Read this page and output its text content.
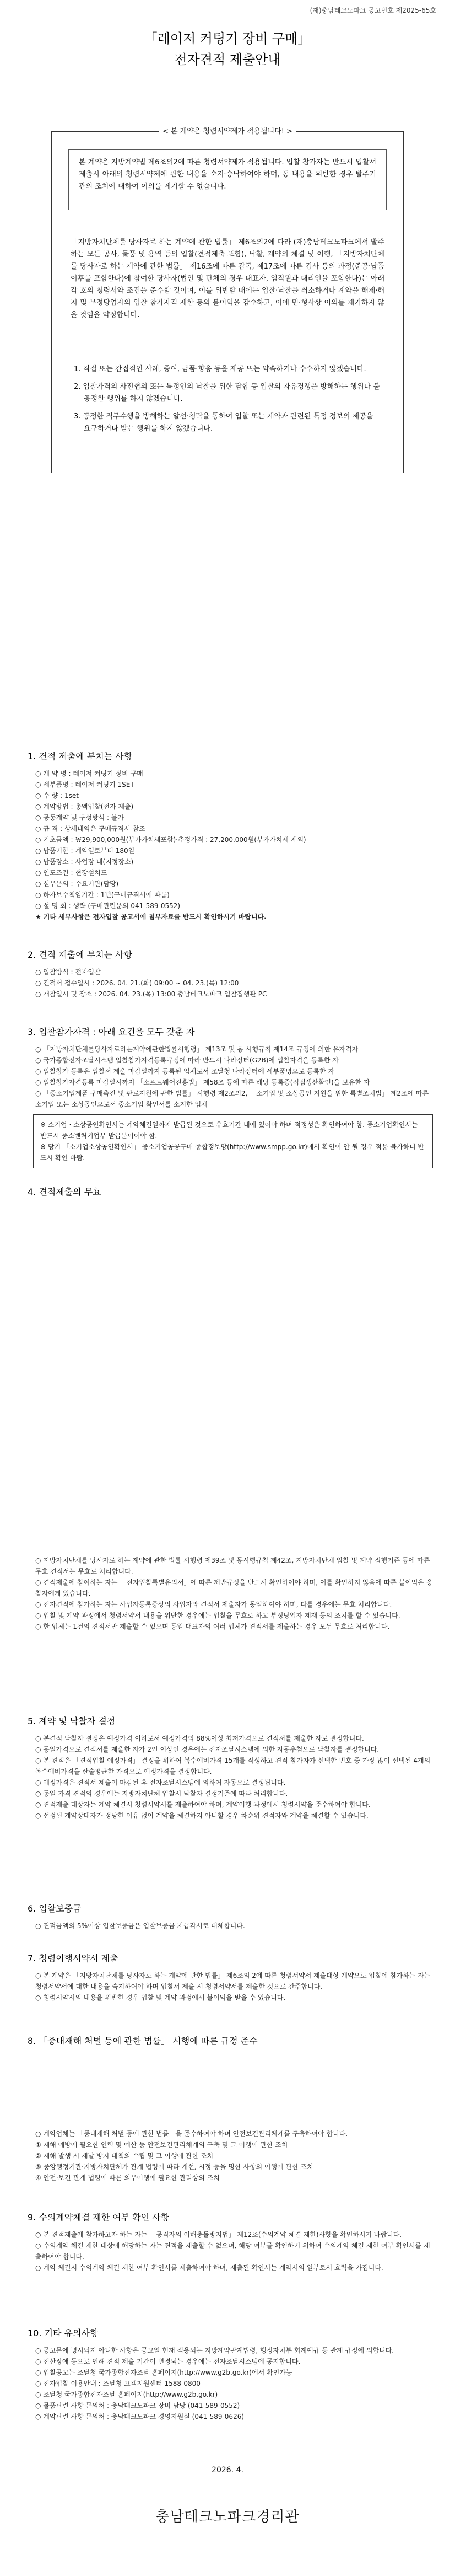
(재)충남테크노파크 공고번호 제2025-65호
「레이저 커팅기 장비 구매」
전자견적 제출안내
< 본 계약은 청렴서약제가 적용됩니다! >
본 계약은 지방계약법 제6조의2에 따른 청렴서약제가 적용됩니다. 입찰 참가자는 반드시 입찰서 제출시 아래의 청렴서약제에 관한 내용을 숙지·승낙하여야 하며, 동 내용을 위반한 경우 발주기관의 조치에 대하여 이의를 제기할 수 없습니다.
「지방자치단체를 당사자로 하는 계약에 관한 법률」 제6조의2에 따라 (재)충남테크노파크에서 발주하는 모든 공사, 물품 및 용역 등의 입찰(견적제출 포함), 낙찰, 계약의 체결 및 이행, 「지방자치단체를 당사자로 하는 계약에 관한 법률」 제16조에 따른 감독, 제17조에 따른 검사 등의 과정(준공·납품 이후를 포함한다)에 참여한 당사자(법인 및 단체의 경우 대표자, 임직원과 대리인을 포함한다)는 아래 각 호의 청렴서약 조건을 준수할 것이며, 이를 위반할 때에는 입찰·낙찰을 취소하거나 계약을 해제·해지 및 부정당업자의 입찰 참가자격 제한 등의 불이익을 감수하고, 이에 민·형사상 이의를 제기하지 않을 것임을 약정합니다.
1. 직접 또는 간접적인 사례, 증여, 금품·향응 등을 제공 또는 약속하거나 수수하지 않겠습니다.
2. 입찰가격의 사전협의 또는 특정인의 낙찰을 위한 담합 등 입찰의 자유경쟁을 방해하는 행위나 불공정한 행위를 하지 않겠습니다.
3. 공정한 직무수행을 방해하는 알선·청탁을 통하여 입찰 또는 계약과 관련된 특정 정보의 제공을 요구하거나 받는 행위를 하지 않겠습니다.
1. 견적 제출에 부치는 사항
○ 계 약 명 : 레이저 커팅기 장비 구매
○ 세부품명 : 레이저 커팅기 1SET
○ 수 량 : 1set
○ 계약방법 : 총액입찰(전자 제출)
○ 공동계약 및 구성방식 : 불가
○ 규 격 : 상세내역은 구매규격서 참조
○ 기초금액 : ￦29,900,000원(부가가치세포함)·추정가격 : 27,200,000원(부가가치세 제외)
○ 납품기한 : 계약일로부터 180일
○ 납품장소 : 사업장 내(지정장소)
○ 인도조건 : 현장설치도
○ 실무문의 : 수요기관(담당)
○ 하자보수책임기간 : 1년(구매규격서에 따름)
○ 설 명 회 : 생략 (구매관련문의 041-589-0552)
★ 기타 세부사항은 전자입찰 공고서에 첨부자료를 반드시 확인하시기 바랍니다.
2. 견적 제출에 부치는 사항
○ 입찰방식 : 전자입찰
○ 견적서 접수일시 : 2026. 04. 21.(화) 09:00 ~ 04. 23.(목) 12:00
○ 개찰일시 및 장소 : 2026. 04. 23.(목) 13:00 충남테크노파크 입찰집행관 PC
3. 입찰참가자격 : 아래 요건을 모두 갖춘 자
○ 「지방자치단체를당사자로하는계약에관한법률시행령」 제13조 및 동 시행규칙 제14조 규정에 의한 유자격자
○ 국가종합전자조달시스템 입찰참가자격등록규정에 따라 반드시 나라장터(G2B)에 입찰자격을 등록한 자
○ 입찰참가 등록은 입찰서 제출 마감일까지 등록된 업체로서 조달청 나라장터에 세부품명으로 등록한 자
○ 입찰참가자격등록 마감일시까지 「소프트웨어진흥법」 제58조 등에 따른 해당 등록증(직접생산확인)을 보유한 자
○ 「중소기업제품 구매촉진 및 판로지원에 관한 법률」 시행령 제2조의2, 「소기업 및 소상공인 지원을 위한 특별조치법」 제2조에 따른 소기업 또는 소상공인으로서 중소기업 확인서를 소지한 업체
※ 소기업 · 소상공인확인서는 계약체결일까지 발급된 것으로 유효기간 내에 있어야 하며 적정성은 확인하여야 함. 중소기업확인서는 반드시 중소벤처기업부 발급분이어야 함.
※ 당기 「소기업소상공인확인서」 중소기업공공구매 종합정보망(http://www.smpp.go.kr)에서 확인이 안 될 경우 적용 불가하니 반드시 확인 바람.
4. 견적제출의 무효
○ 지방자치단체를 당사자로 하는 계약에 관한 법률 시행령 제39조 및 동시행규칙 제42조, 지방자치단체 입찰 및 계약 집행기준 등에 따른 무효 견적서는 무효로 처리합니다.
○ 견적제출에 참여하는 자는 「전자입찰특별유의서」에 따른 제반규정을 반드시 확인하여야 하며, 이를 확인하지 않음에 따른 불이익은 응찰자에게 있습니다.
○ 전자견적에 참가하는 자는 사업자등록증상의 사업자와 견적서 제출자가 동일하여야 하며, 다를 경우에는 무효 처리합니다.
○ 입찰 및 계약 과정에서 청렴서약서 내용을 위반한 경우에는 입찰을 무효로 하고 부정당업자 제재 등의 조치를 할 수 있습니다.
○ 한 업체는 1건의 견적서만 제출할 수 있으며 동일 대표자의 여러 업체가 견적서를 제출하는 경우 모두 무효로 처리합니다.
5. 계약 및 낙찰자 결정
○ 본견적 낙찰자 결정은 예정가격 이하로서 예정가격의 88%이상 최저가격으로 견적서를 제출한 자로 결정합니다.
○ 동일가격으로 견적서를 제출한 자가 2인 이상인 경우에는 전자조달시스템에 의한 자동추첨으로 낙찰자를 결정합니다.
○ 본 견적은 「견적입찰 예정가격」 결정을 위하여 복수예비가격 15개를 작성하고 견적 참가자가 선택한 번호 중 가장 많이 선택된 4개의 복수예비가격을 산술평균한 가격으로 예정가격을 결정합니다.
○ 예정가격은 견적서 제출이 마감된 후 전자조달시스템에 의하여 자동으로 결정됩니다.
○ 동일 가격 견적의 경우에는 지방자치단체 입찰시 낙찰자 결정기준에 따라 처리합니다.
○ 견적제출 대상자는 계약 체결시 청렴서약서를 제출하여야 하며, 계약이행 과정에서 청렴서약을 준수하여야 합니다.
○ 선정된 계약상대자가 정당한 이유 없이 계약을 체결하지 아니할 경우 차순위 견적자와 계약을 체결할 수 있습니다.
6. 입찰보증금
○ 견적금액의 5%이상 입찰보증금은 입찰보증금 지급각서로 대체합니다.
7. 청렴이행서약서 제출
○ 본 계약은 「지방자치단체를 당사자로 하는 계약에 관한 법률」 제6조의 2에 따른 청렴서약서 제출대상 계약으로 입찰에 참가하는 자는 청렴서약서에 대한 내용을 숙지하여야 하며 입찰서 제출 시 청렴서약서를 제출한 것으로 간주합니다.
○ 청렴서약서의 내용을 위반한 경우 입찰 및 계약 과정에서 불이익을 받을 수 있습니다.
8. 「중대재해 처벌 등에 관한 법률」 시행에 따른 규정 준수
○ 계약업체는 「중대재해 처벌 등에 관한 법률」을 준수하여야 하며 안전보건관리체계를 구축하여야 합니다.
① 재해 예방에 필요한 인력 및 예산 등 안전보건관리체계의 구축 및 그 이행에 관한 조치
② 재해 발생 시 재발 방지 대책의 수립 및 그 이행에 관한 조치
③ 중앙행정기관·지방자치단체가 관계 법령에 따라 개선, 시정 등을 명한 사항의 이행에 관한 조치
④ 안전·보건 관계 법령에 따른 의무이행에 필요한 관리상의 조치
9. 수의계약체결 제한 여부 확인 사항
○ 본 견적제출에 참가하고자 하는 자는 「공직자의 이해충돌방지법」 제12조(수의계약 체결 제한)사항을 확인하시기 바랍니다.
○ 수의계약 체결 제한 대상에 해당하는 자는 견적을 제출할 수 없으며, 해당 여부를 확인하기 위하여 수의계약 체결 제한 여부 확인서를 제출하여야 합니다.
○ 계약 체결시 수의계약 체결 제한 여부 확인서를 제출하여야 하며, 제출된 확인서는 계약서의 일부로서 효력을 가집니다.
10. 기타 유의사항
○ 공고문에 명시되지 아니한 사항은 공고일 현재 적용되는 지방계약관계법령, 행정자치부 회계예규 등 관계 규정에 의합니다.
○ 전산장애 등으로 인해 견적 제출 기간이 변경되는 경우에는 전자조달시스템에 공지합니다.
○ 입찰공고는 조달청 국가종합전자조달 홈페이지(http://www.g2b.go.kr)에서 확인가능
○ 전자입찰 이용안내 : 조달청 고객지원센터 1588-0800
○ 조달청 국가종합전자조달 홈페이지(http://www.g2b.go.kr)
○ 물품관련 사항 문의처 : 충남테크노파크 장비 담당 (041-589-0552)
○ 계약관련 사항 문의처 : 충남테크노파크 경영지원실 (041-589-0626)
2026. 4.
충남테크노파크경리관
